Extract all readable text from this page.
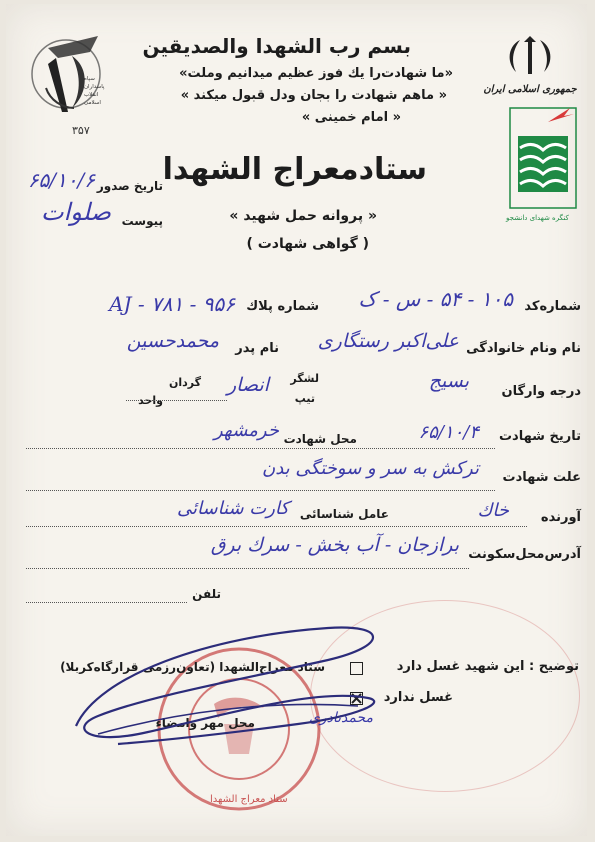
سپاه
پاسداران
انقلاب
اسلامی
۳۵۷
بسم رب الشهدا والصديقين
«ما شهادت‌را یك فوز عظیم میدانیم وملت»
« ماهم شهادت را بجان ودل قبول میکند »
« امام خمینی »
جمهوری اسلامی ایران
کنگره شهدای دانشجو
ستادمعراج الشهدا
« پروانه حمل شهید »
( گواهی شهادت )
تاریخ صدور
۶۵/۱۰/۶
پیوست
صلوات
شماره‌کد
۱۰۵ - ۵۴ - س - ک
شماره پلاك
۹۵۶ - ۷۸۱ - AJ
نام ونام خانوادگی
علی‌اکبر رستگاری
نام پدر
محمدحسین
درجه وارگان
بسیج
لشگر
تیپ
انصار
گردان
واحد
تاریخ شهادت
۶۵/۱۰/۴
محل شهادت
خرمشهر
علت شهادت
ترکش به سر و سوختگی بدن
آورنده
خاك
عامل شناسائی
کارت شناسائی
آدرس‌محل‌سکونت
برازجان - آب بخش - سرك برق
تلفن
ستاد معراج الشهدا
توضیح : این شهید غسل دارد
ستاد معراج‌الشهدا (تعاون‌رزمی قرارگاه‌کربلا)
غسل ندارد
محل مهر وامضاء	محمدنادری
